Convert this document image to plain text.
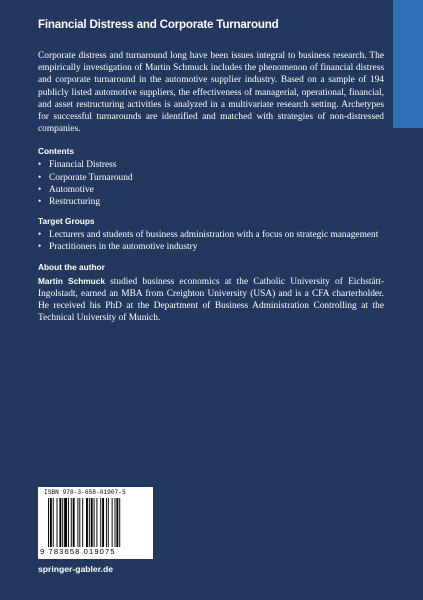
Financial Distress and Corporate Turnaround

Corporate distress and turnaround long have been issues integral to business research. The empirically investigation of Martin Schmuck includes the phenomenon of financial distress and corporate turnaround in the automotive supplier industry. Based on a sample of 194 publicly listed automotive suppliers, the effectiveness of managerial, operational, financial, and asset restructuring activities is analyzed in a multivariate research setting. Archetypes for successful turnarounds are identified and matched with strategies of non-distressed companies.

Contents
• Financial Distress
• Corporate Turnaround
• Automotive
• Restructuring
Target Groups
• Lecturers and students of business administration with a focus on strategic management
• Practitioners in the automotive industry
About the author

Martin Schmuck studied business economics at the Catholic University of Eichstätt-Ingolstadt, earned an MBA from Creighton University (USA) and is a CFA charterholder. He received his PhD at the Department of Business Administration Controlling at the Technical University of Munich.

ISBN 978-3-658-01907-5
9 783658 019075
springer-gabler.de
